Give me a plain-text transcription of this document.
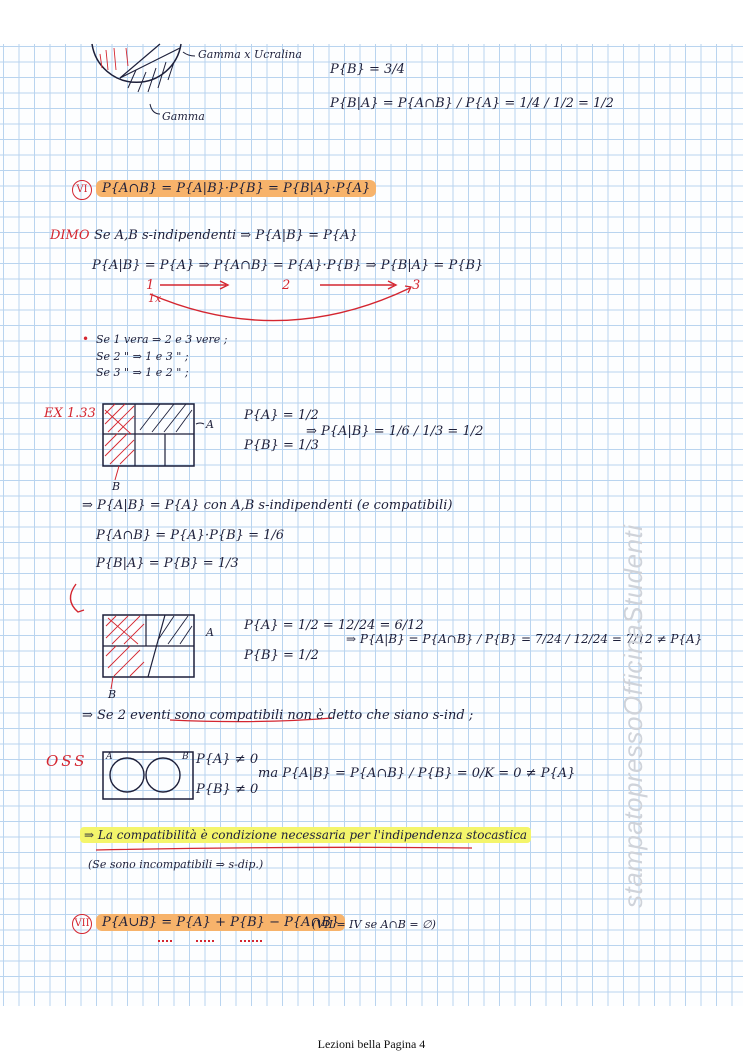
Gamma x Ucralina
Gamma
P{B} = 3/4
P{B|A} = P{A∩B} / P{A} = 1/4 / 1/2 = 1/2
VI P{A∩B} = P{A|B}·P{B} = P{B|A}·P{A}
DIMO Se A,B s-indipendenti ⇒ P{A|B} = P{A}
P{A|B} = P{A} ⇒ P{A∩B} = P{A}·P{B} ⇒ P{B|A} = P{B}
1
1x
2	3
• Se 1 vera ⇒ 2 e 3 vere ;
Se 2 " ⇒ 1 e 3 " ;
Se 3 " ⇒ 1 e 2 " ;
EX 1.33
A
B
P{A} = 1/2
P{B} = 1/3
⇒ P{A|B} = 1/6 / 1/3 = 1/2
⇒ P{A|B} = P{A} con A,B s-indipendenti (e compatibili)
P{A∩B} = P{A}·P{B} = 1/6
P{B|A} = P{B} = 1/3
A
B
P{A} = 1/2 = 12/24 = 6/12
P{B} = 1/2
⇒ P{A|B} = P{A∩B} / P{B} = 7/24 / 12/24 = 7/12 ≠ P{A}
⇒ Se 2 eventi sono compatibili non è detto che siano s-ind ;
OSS A	B P{A} ≠ 0
P{B} ≠ 0
ma P{A|B} = P{A∩B} / P{B} = 0/K = 0 ≠ P{A}
⇒ La compatibilità è condizione necessaria per l'indipendenza stocastica
(Se sono incompatibili ⇒ s-dip.)
VII P{A∪B} = P{A} + P{B} − P{A∩B}
(VII = IV se A∩B = ∅)
stampatopressoOfficinaStudenti
Lezioni bella Pagina 4
